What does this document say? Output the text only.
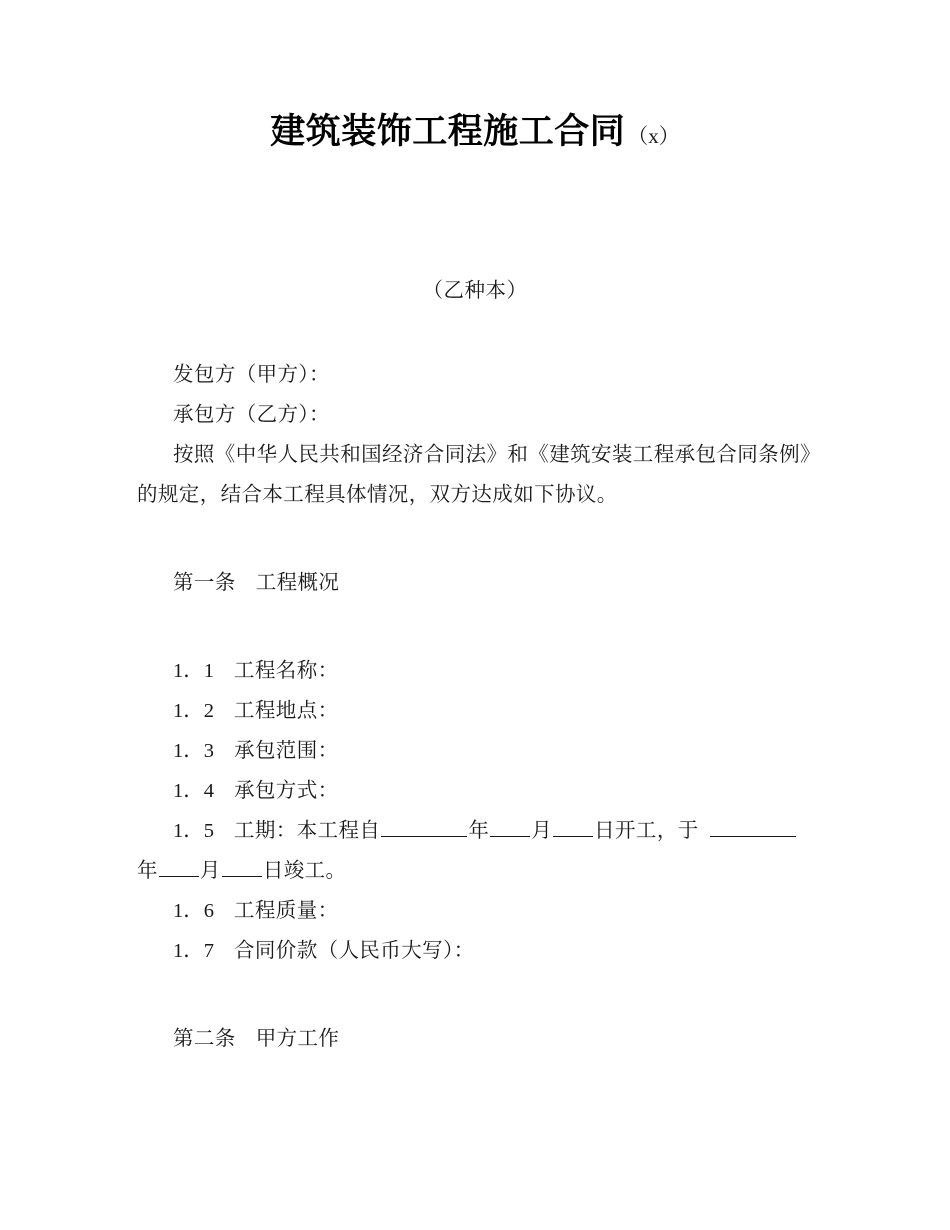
建筑装饰工程施工合同（x）
（乙种本）
发包方（甲方）：
承包方（乙方）：
按照《中华人民共和国经济合同法》和《建筑安装工程承包合同条例》的规定，结合本工程具体情况，双方达成如下协议。
第一条 工程概况
1．1 工程名称：
1．2 工程地点：
1．3 承包范围：
1．4 承包方式：
1．5 工期：本工程自	年 月 日开工，于年 月 日竣工。
1．6 工程质量：
1．7 合同价款（人民币大写）：
第二条 甲方工作
